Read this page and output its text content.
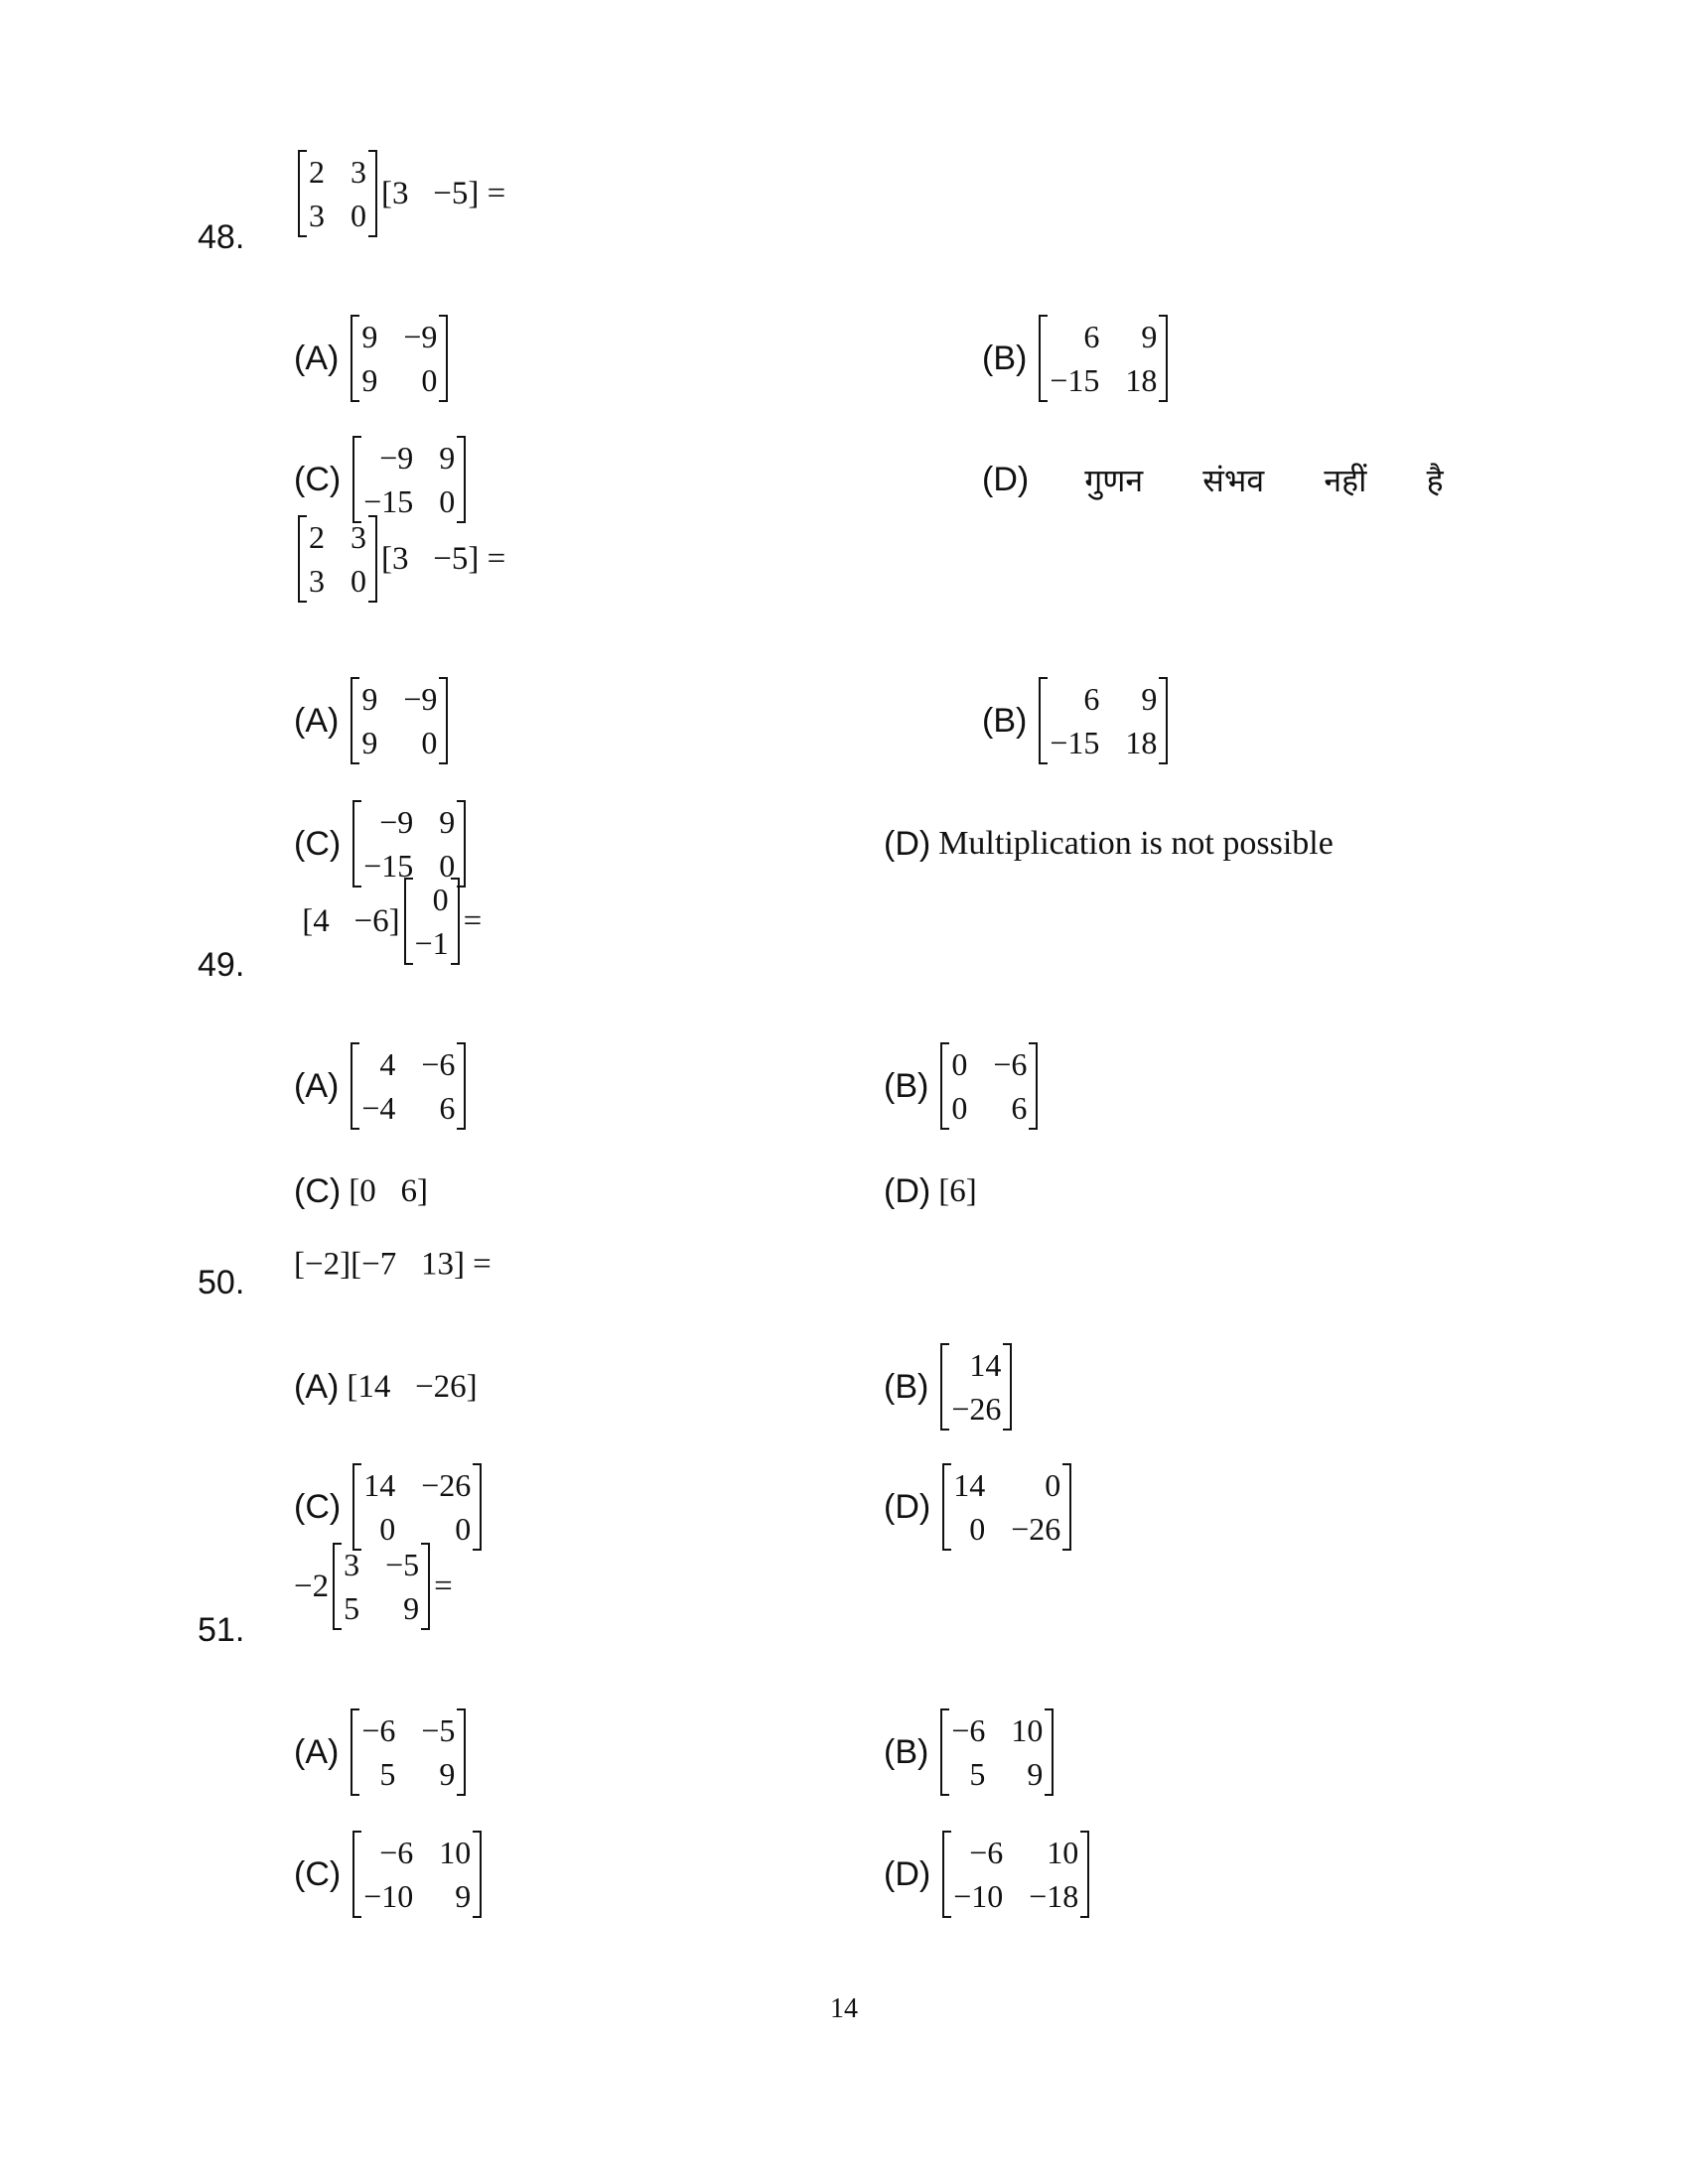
48.
2 3
3 0
[3   −5] =
(A)
9 −9
9	0
(B)
6	9
−15 18
(C)
−9 9
−15 0
(D) गुणन संभव नहीं है
2 3
3 0
[3   −5] =
(A)
9 −9
9	0
(B)
6	9
−15 18
(C)
−9 9
−15 0
(D) Multiplication is not possible
49.
[4   −6]
0
−1
=
(A)
4 −6
−4	6
(B)
0 −6
0	6
(C) [0   6]	(D) [6]
50. [−2][−7   13] =
(A) [14   −26]	(B)
14
−26
(C)
14 −26
0	0
(D)
14	0
0 −26
51.
−2
3 −5
5	9
=
(A)
−6 −5
5	9
(B)
−6 10
5	9
(C)
−6 10
−10	9
(D)
−6	10
−10 −18
14
